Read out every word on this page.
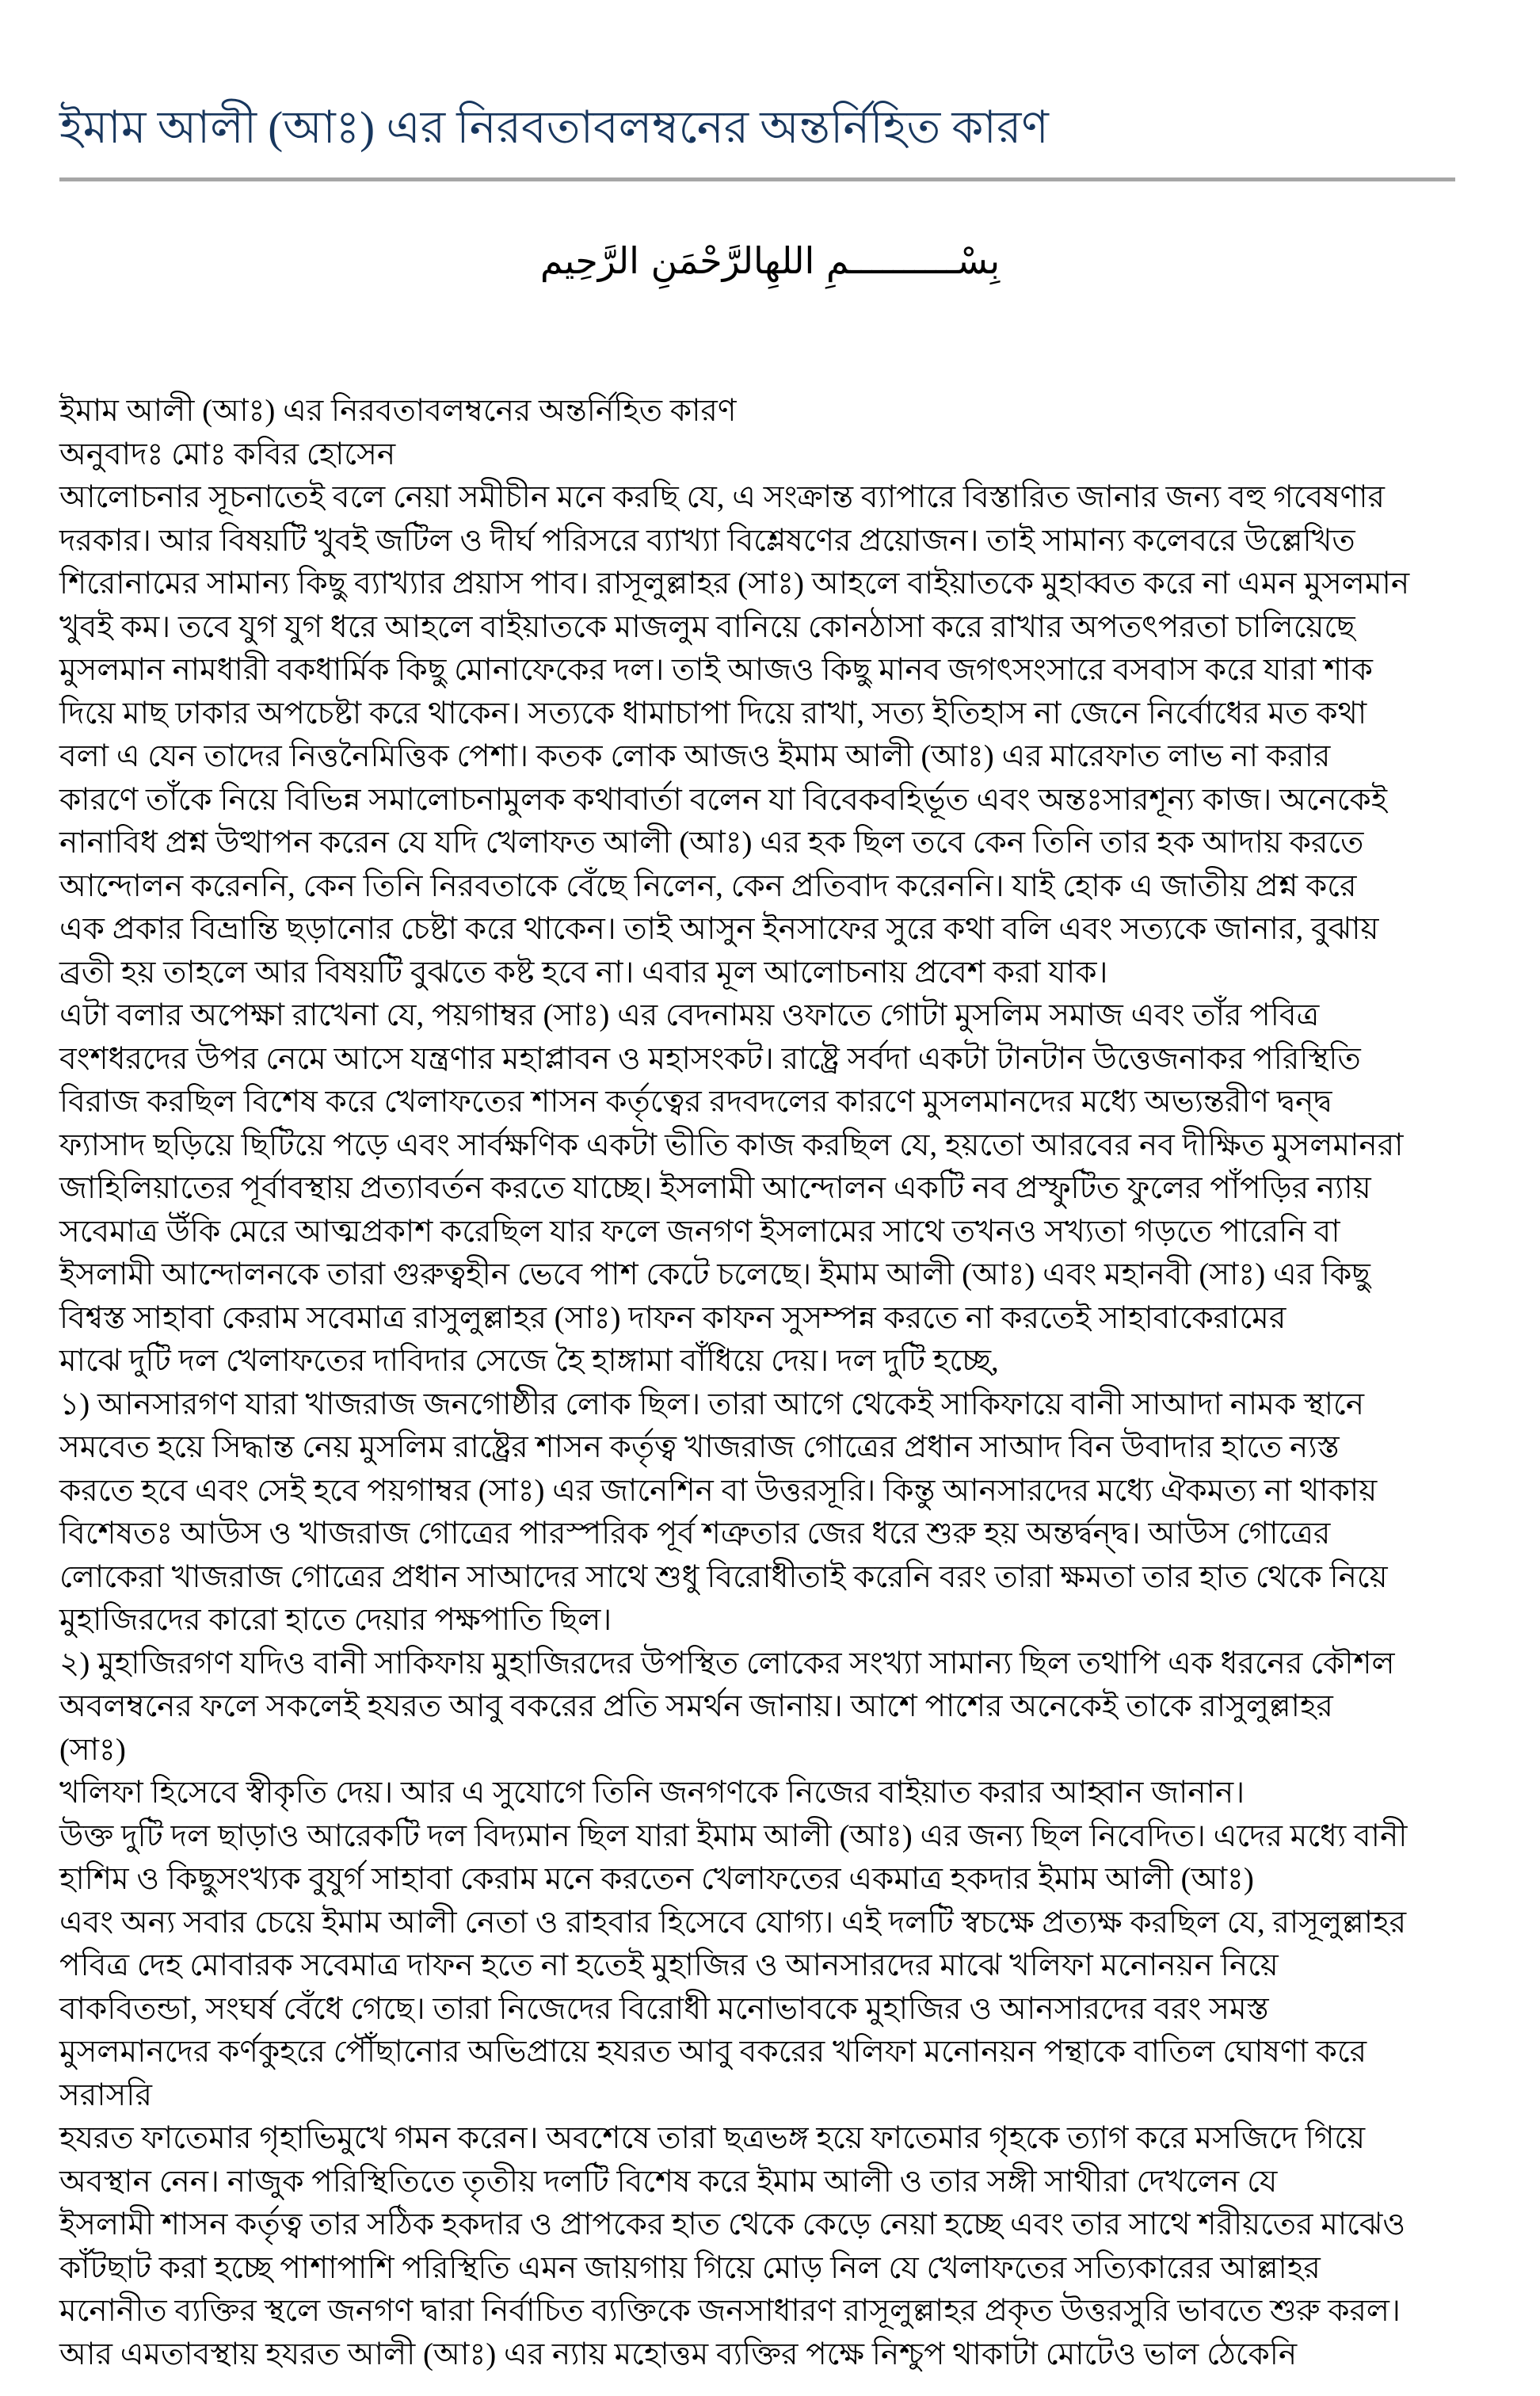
ইমাম আলী (আঃ) এর নিরবতাবলম্বনের অন্তর্নিহিত কারণ
بِسْــــــــــمِ اللهِالرَّحْمَنِ الرَّحِيم
ইমাম আলী (আঃ) এর নিরবতাবলম্বনের অন্তর্নিহিত কারণ
অনুবাদঃ মোঃ কবির হোসেন
আলোচনার সূচনাতেই বলে নেয়া সমীচীন মনে করছি যে, এ সংক্রান্ত ব্যাপারে বিস্তারিত জানার জন্য বহু গবেষণার
দরকার। আর বিষয়টি খুবই জটিল ও দীর্ঘ পরিসরে ব্যাখ্যা বিশ্লেষণের প্রয়োজন। তাই সামান্য কলেবরে উল্লেখিত
শিরোনামের সামান্য কিছু ব্যাখ্যার প্রয়াস পাব। রাসূলুল্লাহর (সাঃ) আহলে বাইয়াতকে মুহাব্বত করে না এমন মুসলমান
খুবই কম। তবে যুগ যুগ ধরে আহলে বাইয়াতকে মাজলুম বানিয়ে কোনঠাসা করে রাখার অপতৎপরতা চালিয়েছে
মুসলমান নামধারী বকধার্মিক কিছু মোনাফেকের দল। তাই আজও কিছু মানব জগৎসংসারে বসবাস করে যারা শাক
দিয়ে মাছ ঢাকার অপচেষ্টা করে থাকেন। সত্যকে ধামাচাপা দিয়ে রাখা, সত্য ইতিহাস না জেনে নির্বোধের মত কথা
বলা এ যেন তাদের নিত্তনৈমিত্তিক পেশা। কতক লোক আজও ইমাম আলী (আঃ) এর মারেফাত লাভ না করার
কারণে তাঁকে নিয়ে বিভিন্ন সমালোচনামুলক কথাবার্তা বলেন যা বিবেকবহির্ভূত এবং অন্তঃসারশূন্য কাজ। অনেকেই
নানাবিধ প্রশ্ন উত্থাপন করেন যে যদি খেলাফত আলী (আঃ) এর হক ছিল তবে কেন তিনি তার হক আদায় করতে
আন্দোলন করেননি, কেন তিনি নিরবতাকে বেঁছে নিলেন, কেন প্রতিবাদ করেননি। যাই হোক এ জাতীয় প্রশ্ন করে
এক প্রকার বিভ্রান্তি ছড়ানোর চেষ্টা করে থাকেন। তাই আসুন ইনসাফের সুরে কথা বলি এবং সত্যকে জানার, বুঝায়
ব্রতী হয় তাহলে আর বিষয়টি বুঝতে কষ্ট হবে না। এবার মূল আলোচনায় প্রবেশ করা যাক।
এটা বলার অপেক্ষা রাখেনা যে, পয়গাম্বর (সাঃ) এর বেদনাময় ওফাতে গোটা মুসলিম সমাজ এবং তাঁর পবিত্র
বংশধরদের উপর নেমে আসে যন্ত্রণার মহাপ্লাবন ও মহাসংকট। রাষ্ট্রে সর্বদা একটা টানটান উত্তেজনাকর পরিস্থিতি
বিরাজ করছিল বিশেষ করে খেলাফতের শাসন কর্তৃত্বের রদবদলের কারণে মুসলমানদের মধ্যে অভ্যন্তরীণ দ্বন্দ্ব
ফ্যাসাদ ছড়িয়ে ছিটিয়ে পড়ে এবং সার্বক্ষণিক একটা ভীতি কাজ করছিল যে, হয়তো আরবের নব দীক্ষিত মুসলমানরা
জাহিলিয়াতের পূর্বাবস্থায় প্রত্যাবর্তন করতে যাচ্ছে। ইসলামী আন্দোলন একটি নব প্রস্ফুটিত ফুলের পাঁপড়ির ন্যায়
সবেমাত্র উঁকি মেরে আত্মপ্রকাশ করেছিল যার ফলে জনগণ ইসলামের সাথে তখনও সখ্যতা গড়তে পারেনি বা
ইসলামী আন্দোলনকে তারা গুরুত্বহীন ভেবে পাশ কেটে চলেছে। ইমাম আলী (আঃ) এবং মহানবী (সাঃ) এর কিছু
বিশ্বস্ত সাহাবা কেরাম সবেমাত্র রাসুলুল্লাহর (সাঃ) দাফন কাফন সুসম্পন্ন করতে না করতেই সাহাবাকেরামের
মাঝে দুটি দল খেলাফতের দাবিদার সেজে হৈ হাঙ্গামা বাঁধিয়ে দেয়। দল দুটি হচ্ছে,
১) আনসারগণ যারা খাজরাজ জনগোষ্ঠীর লোক ছিল। তারা আগে থেকেই সাকিফায়ে বানী সাআদা নামক স্থানে
সমবেত হয়ে সিদ্ধান্ত নেয় মুসলিম রাষ্ট্রের শাসন কর্তৃত্ব খাজরাজ গোত্রের প্রধান সাআদ বিন উবাদার হাতে ন্যস্ত
করতে হবে এবং সেই হবে পয়গাম্বর (সাঃ) এর জানেশিন বা উত্তরসূরি। কিন্তু আনসারদের মধ্যে ঐকমত্য না থাকায়
বিশেষতঃ আউস ও খাজরাজ গোত্রের পারস্পরিক পূর্ব শত্রুতার জের ধরে শুরু হয় অন্তর্দ্বন্দ্ব। আউস গোত্রের
লোকেরা খাজরাজ গোত্রের প্রধান সাআদের সাথে শুধু বিরোধীতাই করেনি বরং তারা ক্ষমতা তার হাত থেকে নিয়ে
মুহাজিরদের কারো হাতে দেয়ার পক্ষপাতি ছিল।
২) মুহাজিরগণ যদিও বানী সাকিফায় মুহাজিরদের উপস্থিত লোকের সংখ্যা সামান্য ছিল তথাপি এক ধরনের কৌশল
অবলম্বনের ফলে সকলেই হযরত আবু বকরের প্রতি সমর্থন জানায়। আশে পাশের অনেকেই তাকে রাসুলুল্লাহর
(সাঃ)
খলিফা হিসেবে স্বীকৃতি দেয়। আর এ সুযোগে তিনি জনগণকে নিজের বাইয়াত করার আহ্বান জানান।
উক্ত দুটি দল ছাড়াও আরেকটি দল বিদ্যমান ছিল যারা ইমাম আলী (আঃ) এর জন্য ছিল নিবেদিত। এদের মধ্যে বানী
হাশিম ও কিছুসংখ্যক বুযুর্গ সাহাবা কেরাম মনে করতেন খেলাফতের একমাত্র হকদার ইমাম আলী (আঃ)
এবং অন্য সবার চেয়ে ইমাম আলী নেতা ও রাহবার হিসেবে যোগ্য। এই দলটি স্বচক্ষে প্রত্যক্ষ করছিল যে, রাসূলুল্লাহর
পবিত্র দেহ মোবারক সবেমাত্র দাফন হতে না হতেই মুহাজির ও আনসারদের মাঝে খলিফা মনোনয়ন নিয়ে
বাকবিতন্ডা, সংঘর্ষ বেঁধে গেছে। তারা নিজেদের বিরোধী মনোভাবকে মুহাজির ও আনসারদের বরং সমস্ত
মুসলমানদের কর্ণকুহরে পৌঁছানোর অভিপ্রায়ে হযরত আবু বকরের খলিফা মনোনয়ন পন্থাকে বাতিল ঘোষণা করে
সরাসরি
হযরত ফাতেমার গৃহাভিমুখে গমন করেন। অবশেষে তারা ছত্রভঙ্গ হয়ে ফাতেমার গৃহকে ত্যাগ করে মসজিদে গিয়ে
অবস্থান নেন। নাজুক পরিস্থিতিতে তৃতীয় দলটি বিশেষ করে ইমাম আলী ও তার সঙ্গী সাথীরা দেখলেন যে
ইসলামী শাসন কর্তৃত্ব তার সঠিক হকদার ও প্রাপকের হাত থেকে কেড়ে নেয়া হচ্ছে এবং তার সাথে শরীয়তের মাঝেও
কাঁটছাট করা হচ্ছে পাশাপাশি পরিস্থিতি এমন জায়গায় গিয়ে মোড় নিল যে খেলাফতের সত্যিকারের আল্লাহর
মনোনীত ব্যক্তির স্থলে জনগণ দ্বারা নির্বাচিত ব্যক্তিকে জনসাধারণ রাসূলুল্লাহর প্রকৃত উত্তরসুরি ভাবতে শুরু করল।
আর এমতাবস্থায় হযরত আলী (আঃ) এর ন্যায় মহোত্তম ব্যক্তির পক্ষে নিশ্চুপ থাকাটা মোটেও ভাল ঠেকেনি
